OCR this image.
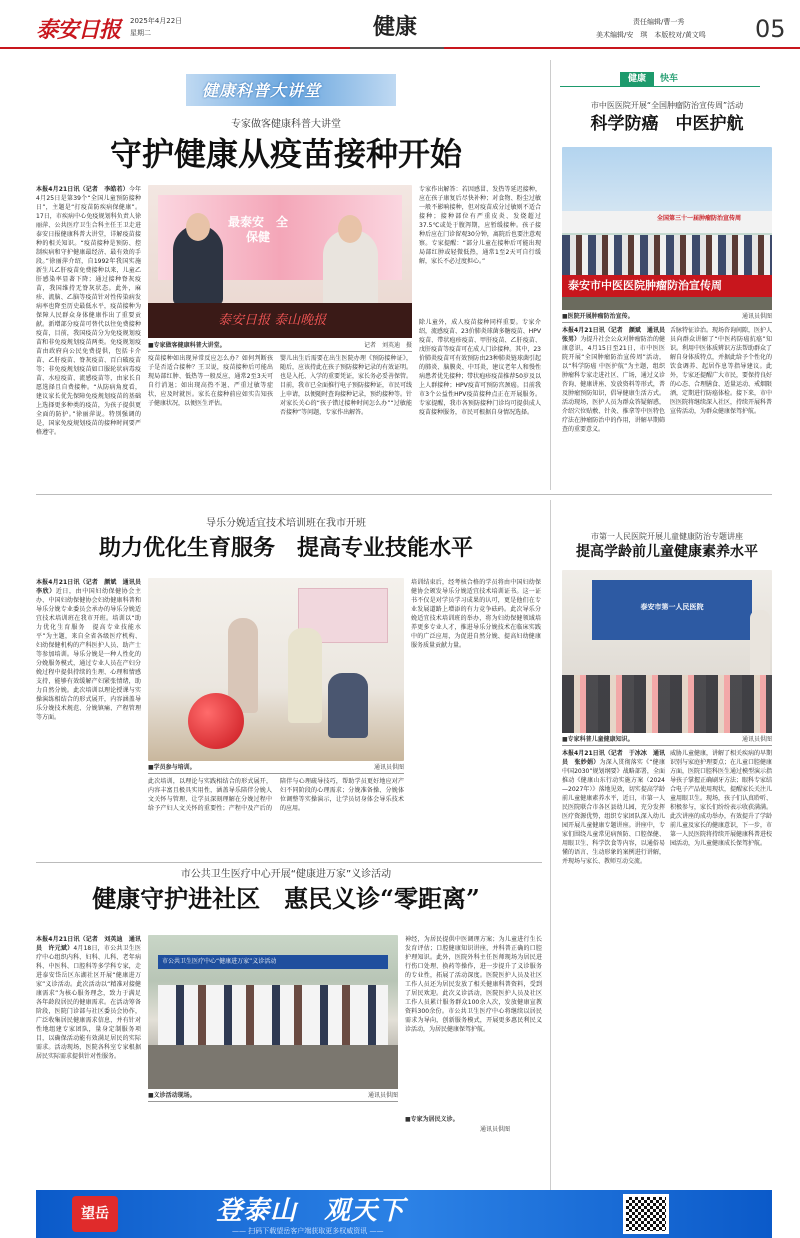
泰安日报 2025年4月22日
星期二	健康	责任编辑/曹一秀
美术编辑/安　琪　本版校对/黄文鸣 05
健康科普大讲堂
专家做客健康科普大讲堂
守护健康从疫苗接种开始
本报4月21日讯（记者　李皓若）今年4月25日是第39个“全国儿童预防接种日”，主题是“打疫苗防疾病保健康”。17日，市疾病中心免疫规划科负责人徐丽萍、公共医疗卫生合科主任王卫走进泰安日报健康科普大讲堂，详解疫苗接种的相关知识。“疫苗接种是预防、控制疾病和守护健康最经济、最有效的手段。”徐丽萍介绍，自1992年我国实施新生儿乙肝疫苗免费接种以来，儿童乙肝感染率显著下降；通过接种脊灰疫苗，我国维持无脊灰状态。此外，麻疹、流脑、乙脑等疫苗针对性传染病发病率也降至历史最低水平，疫苗接种为保障人民群众身体健康作出了重要贡献。新增部分疫苗可替代以往免费接种疫苗，目前，我国疫苗分为免疫规划疫苗和非免疫规划疫苗两类。免疫规划疫苗由政府向公民免费提供，包括卡介苗、乙肝疫苗、脊灰疫苗、百白破疫苗等；非免疫规划疫苗如口服轮状病毒疫苗、水痘疫苗、流感疫苗等，由家长自愿选择且自费接种。“从防病角度看，建议家长优先保障免疫规划疫苗的基础上选择更多种类的疫苗，为孩子提供更全面的防护。”徐丽萍说。特别强调的是，国家免疫规划疫苗的接种时间要严格遵守。
最泰安　全保健
泰安日报 泰山晚报
■专家做客健康科普大讲堂。	记者　刘英迪　摄
疫苗接种如出现异常反应怎么办？如何判断孩子是否适合接种？王卫说，疫苗接种后可能出现局部红肿、低热等一般反应，通常2至3天可自行消退；如出现高热不退、严重过敏等症状，应及时就医。家长在接种前应如实告知孩子健康状况，以便医生评估。
婴儿出生后需要在出生医院办理《预防接种证》，随后，应该持此在孩子预防接种记录的有效证明。也是入托、入学的重要凭证，家长务必妥善保管。目前，我市已全面推行电子预防接种证，市民可线上申请，以便随时查询接种记录，预约接种等。针对家长关心的“孩子错过接种时间怎么办”“过敏能否接种”等问题，专家作出解答。
专家作出解答：若因感冒、发热等延迟接种，应在孩子康复后尽快补种；对食物、粉尘过敏一般不影响接种，但对疫苗成分过敏则不适合接种；接种部位有严重皮炎、发烧超过37.5℃或处于腹泻期，应暂缓接种。孩子接种后应在门诊留观30分钟，离院后也要注意观察。专家提醒：“部分儿童在接种后可能出现局部红肿或轻微低热，通常1至2天可自行缓解，家长不必过度担心。”
除儿童外，成人疫苗接种同样重要。专家介绍，流感疫苗、23价肺炎球菌多糖疫苗、HPV疫苗、带状疱疹疫苗、甲肝疫苗、乙肝疫苗、戊肝疫苗等疫苗可在成人门诊接种。其中，23价肺炎疫苗可有效预防由23种肺炎链球菌引起的肺炎、脑膜炎、中耳炎，建议老年人和慢性病患者优先接种；带状疱疹疫苗推荐50岁及以上人群接种；HPV疫苗可预防宫颈癌。目前我市3个公益性HPV疫苗接种点正在开展服务。专家提醒，我市各预防接种门诊均可提供成人疫苗接种服务，市民可根据自身情况选择。
健康	快车
市中医医院开展“全国肿瘤防治宣传周”活动
科学防癌　中医护航
全国第三十一届肿瘤防治宣传周
泰安市中医医院肿瘤防治宣传周
■医院开展肿瘤防治宣传。	通讯员供图
本报4月21日讯（记者　颜斌　通讯员　张男）为提升社会公众对肿瘤防治的健康意识，4月15日至21日，市中医医院开展“全国肿瘤防治宣传周”活动，以“科学防癌 中医护航”为主题，组织肿瘤科专家走进社区、广场，通过义诊咨询、健康讲座、发放资料等形式，普及肿瘤预防知识，倡导健康生活方式。活动现场，医护人员为群众答疑解惑，介绍穴位贴敷、针灸、推拿等中医特色疗法在肿瘤防治中的作用，讲解早期筛查的重要意义。
舌脉特征诊治。现场咨询间隙，医护人员向群众讲解了“中医药防癌抗癌”知识。利用中医体质辨识方法帮助群众了解自身体质特点，并据此给予个性化的饮食调养、起居作息等指导建议。此外，专家还提醒广大市民，要保持良好的心态、合理膳食、适量运动、戒烟限酒，定期进行防癌体检。接下来，市中医医院将继续深入社区，持续开展科普宣传活动，为群众健康保驾护航。
导乐分娩适宜技术培训班在我市开班
助力优化生育服务　提高专业技能水平
本报4月21日讯（记者　颜斌　通讯员　李欣）近日，由中国妇幼保健协会主办、中国妇幼保健协会妇幼健康科普和导乐分娩专业委员会承办的导乐分娩适宜技术培训班在我市开班。培训以“助力优化生育服务　提高专业技能水平”为主题，来自全省各级医疗机构、妇幼保健机构的产科医护人员、助产士等参加培训。导乐分娩是一种人性化的分娩服务模式，通过专业人员在产妇分娩过程中提供持续的生理、心理和情感支持，能够有效缓解产妇紧张情绪，助力自然分娩。此次培训以理论授课与实操演练相结合的形式展开，内容涵盖导乐分娩技术规范、分娩镇痛、产程管理等方面。
■学员参与培训。	通讯员供图
此次培训，以理论与实践相结合的形式展开，内容丰富且极具实用性，涵盖导乐陪伴分娩人文关怀与管理、让学员深刻理解在分娩过程中给予产妇人文关怀的重要性；产程中及产后的陪伴与心理疏导技巧，帮助学员更好地应对产妇不同阶段的心理需求；分娩准备操、分娩体位调整等实操演示，让学员切身体会导乐技术的应用。
培训结束后，经考核合格的学员将由中国妇幼保健协会颁发导乐分娩适宜技术培训证书。这一证书不仅是对学员学习成果的认可，更是他们在专业发展道路上增添的有力竞争砝码。此次导乐分娩适宜技术培训班的举办，将为妇幼保健领域培养更多专业人才，推进导乐分娩技术在临床实践中的广泛应用，为促进自然分娩、提高妇幼健康服务质量贡献力量。
市第一人民医院开展儿童健康防治专题讲座
提高学龄前儿童健康素养水平
泰安市第一人民医院
■专家科普儿童健康知识。	通讯员供图
本报4月21日讯（记者　于冰冰　通讯员　张妙娟）为深入贯彻落实《“健康中国2030”规划纲要》战略部署，全面推动《健康山东行动实施方案（2024—2027年）》落地见效，切实提高学龄前儿童健康素养水平，近日，市第一人民医院联合市各区县幼儿园，充分发挥医疗资源优势，组织专家团队深入幼儿园开展儿童健康专题讲座。讲座中，专家们围绕儿童常见病预防、口腔保健、用眼卫生、科学饮食等内容，以通俗易懂的语言、生动形象的案例进行讲解，并现场与家长、教师互动交流。
威胁儿童健康，讲解了相关疾病的早期识别与家庭护理要点；在儿童口腔健康方面，医院口腔科医生通过模型演示指导孩子掌握正确刷牙方法；眼科专家结合电子产品使用现状，提醒家长关注儿童用眼卫生。现场，孩子们认真聆听、积极参与，家长们纷纷表示收获满满。此次讲座的成功举办，有效提升了学龄前儿童及家长的健康意识，下一步，市第一人民医院将持续开展健康科普进校园活动，为儿童健康成长保驾护航。
市公共卫生医疗中心开展“健康进万家”义诊活动
健康守护进社区　惠民义诊“零距离”
本报4月21日讯（记者　刘英迪　通讯员　许元斌）4月18日，市公共卫生医疗中心组织内科、妇科、儿科、老年病科、中医科、口腔科等多学科专家，走进泰安岱岳区东湖社区开展“健康进万家”义诊活动。此次活动以“精准对接健康需求”为核心服务理念，致力于满足各年龄段居民的健康需求。在活动筹备阶段，医院门诊部与社区委员会协作，广泛收集居民健康需求信息，并有针对性地组建专家团队，量身定制服务项目，以确保活动能有效满足居民的实际需求。活动现场，医院各科室专家根据居民实际需求提供针对性服务。
市公共卫生医疗中心“健康进万家”义诊活动
■义诊活动现场。	通讯员供图
神经，为居民提供中医调理方案；为儿童进行生长发育评估；口腔健康知识讲座，并科普正确的口腔护理知识。此外，医院外科主任医师现场为居民进行伤口处理、换药等操作，进一步提升了义诊服务的专业性，拓展了活动深度。医院医护人员及社区工作人员还为居民发放了相关健康科普资料，受到了居民欢迎。此次义诊活动，医院医护人员及社区工作人员累计服务群众100余人次，发放健康宣教资料300余份。市公共卫生医疗中心将继续以居民需求为导向，创新服务模式，开展更多惠民利民义诊活动，为居民健康保驾护航。
■专家为居民义诊。
通讯员供图
望岳	登泰山　观天下
—— 扫码下载望岳客户端获取更多权威资讯 ——
